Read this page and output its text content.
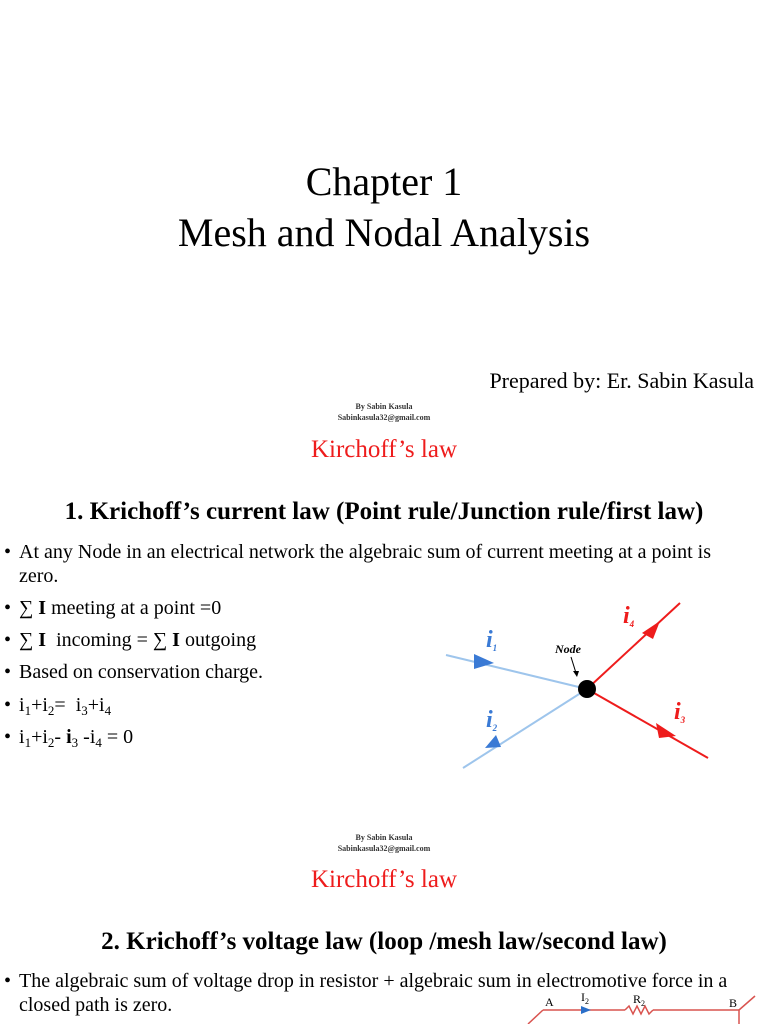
Chapter 1
Mesh and Nodal Analysis
Prepared by: Er. Sabin Kasula
By Sabin Kasula
Sabinkasula32@gmail.com
Kirchoff’s law
1. Krichoff’s current law (Point rule/Junction rule/first law)
• At any Node in an electrical network the algebraic sum of current meeting at a point is zero.
• ∑ I meeting at a point =0
• ∑ I incoming = ∑ I outgoing
• Based on conservation charge.
• $i_1+i_2= i_3+i_4$
• $i_1+i_2-$ $i_3$ $-i_4 = 0$
Node
i1
i2
i4
i3
By Sabin Kasula
Sabinkasula32@gmail.com
Kirchoff’s law
2. Krichoff’s voltage law (loop /mesh law/second law)
• The algebraic sum of voltage drop in resistor + algebraic sum in electromotive force in a closed path is zero.	A	B
$I_2$	$R_2$
